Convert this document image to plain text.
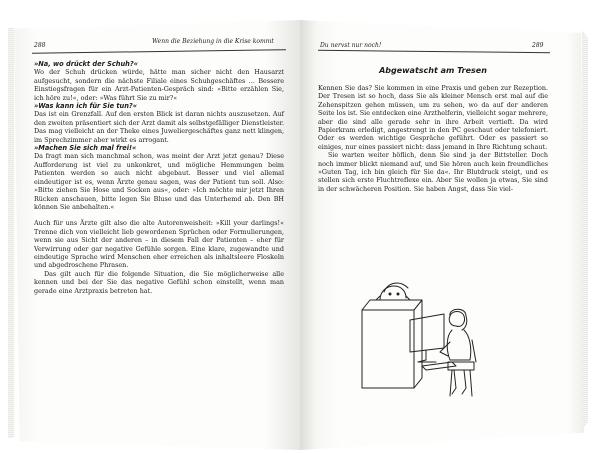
288
Wenn die Beziehung in die Krise kommt

»Na, wo drückt der Schuh?«

Wo der Schuh drücken würde, hätte man sicher nicht den Hausarzt aufgesucht, sondern die nächste Filiale eines Schuhgeschäftes … Bessere Einstiegsfragen für ein Arzt-Patienten-Gespräch sind: »Bitte erzählen Sie, ich höre zu!«, oder: »Was führt Sie zu mir?«

»Was kann ich für Sie tun?«

Das ist ein Grenzfall. Auf den ersten Blick ist daran nichts auszusetzen. Auf den zweiten präsentiert sich der Arzt damit als selbstgefälliger Dienstleister. Das mag vielleicht an der Theke eines Juweliergeschäftes ganz nett klingen, im Sprechzimmer aber wirkt es arrogant.

»Machen Sie sich mal frei!«

Da fragt man sich manchmal schon, was meint der Arzt jetzt genau? Diese Aufforderung ist viel zu unkonkret, und mögliche Hemmungen beim Patienten werden so auch nicht abgebaut. Besser und viel allemal eindeutiger ist es, wenn Ärzte genau sagen, was der Patient tun soll. Also: »Bitte ziehen Sie Hose und Socken aus«, oder: »Ich möchte mir jetzt Ihren Rücken anschauen, bitte legen Sie Bluse und das Unterhemd ab. Den BH können Sie anbehalten.«

Auch für uns Ärzte gilt also die alte Autorenweisheit: »Kill your darlings!« Trenne dich von vielleicht lieb gewordenen Sprüchen oder Formulierungen, wenn sie aus Sicht der anderen – in diesem Fall der Patienten – eher für Verwirrung oder gar negative Gefühle sorgen. Eine klare, zugewandte und eindeutige Sprache wird Menschen eher erreichen als inhaltsleere Floskeln und abgedroschene Phrasen.

Das gilt auch für die folgende Situation, die Sie möglicherweise alle kennen und bei der Sie das negative Gefühl schon einstellt, wenn man gerade eine Arztpraxis betreten hat.

Du nervst nur noch!	289
Abgewatscht am Tresen

Kennen Sie das? Sie kommen in eine Praxis und geben zur Rezeption. Der Tresen ist so hoch, dass Sie als kleiner Mensch erst mal auf die Zehenspitzen gehen müssen, um zu sehen, wo da auf der anderen Seite los ist. Sie entdecken eine Arzthelferin, vielleicht sogar mehrere, aber die sind alle gerade sehr in ihre Arbeit vertieft. Da wird Papierkram erledigt, angestrengt in den PC geschaut oder telefoniert. Oder es werden wichtige Gespräche geführt. Oder es passiert so einiges, nur eines passiert nicht: dass jemand in Ihre Richtung schaut.

Sie warten weiter höflich, denn Sie sind ja der Bittsteller. Doch noch immer blickt niemand auf, und Sie hören auch kein freundliches »Guten Tag, ich bin gleich für Sie da«. Ihr Blutdruck steigt, und es stellen sich erste Fluchtreflexe ein. Aber Sie wollen ja etwas, Sie sind in der schwächeren Position. Sie haben Angst, dass Sie viel-
